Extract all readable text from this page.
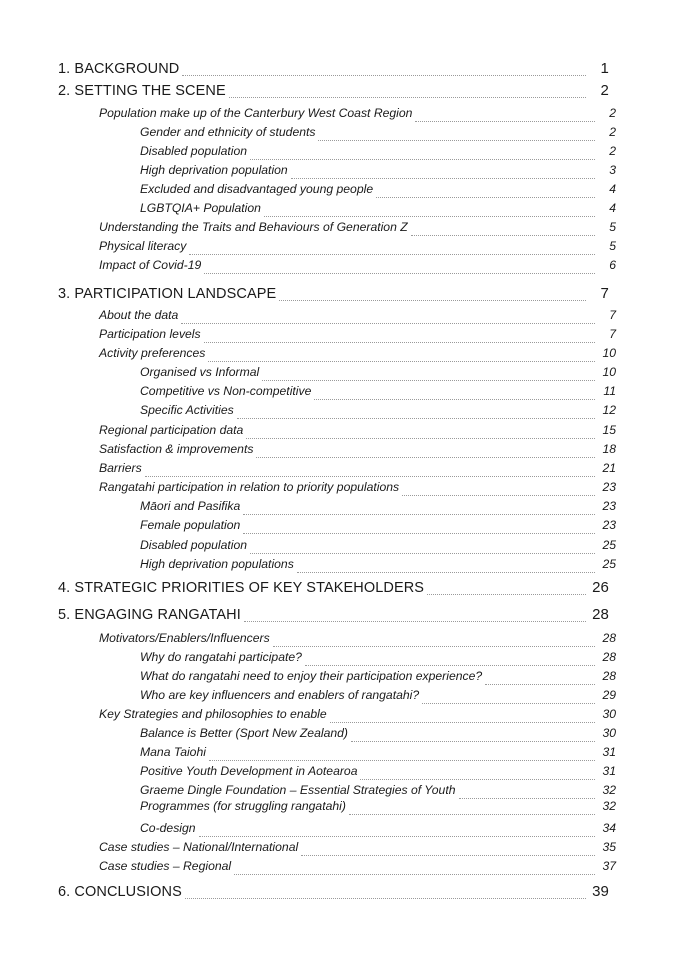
1. BACKGROUND	1
2. SETTING THE SCENE	2
Population make up of the Canterbury West Coast Region	2
Gender and ethnicity of students	2
Disabled population	2
High deprivation population	3
Excluded and disadvantaged young people	4
LGBTQIA+ Population	4
Understanding the Traits and Behaviours of Generation Z	5
Physical literacy	5
Impact of Covid-19	6
3. PARTICIPATION LANDSCAPE	7
About the data	7
Participation levels	7
Activity preferences	10
Organised vs Informal	10
Competitive vs Non-competitive	11
Specific Activities	12
Regional participation data	15
Satisfaction & improvements	18
Barriers	21
Rangatahi participation in relation to priority populations	23
Māori and Pasifika	23
Female population	23
Disabled population	25
High deprivation populations	25
4. STRATEGIC PRIORITIES OF KEY STAKEHOLDERS	26
5. ENGAGING RANGATAHI	28
Motivators/Enablers/Influencers	28
Why do rangatahi participate?	28
What do rangatahi need to enjoy their participation experience?	28
Who are key influencers and enablers of rangatahi?	29
Key Strategies and philosophies to enable	30
Balance is Better (Sport New Zealand)	30
Mana Taiohi	31
Positive Youth Development in Aotearoa	31
Graeme Dingle Foundation – Essential Strategies of Youth	32
Programmes (for struggling rangatahi)	32
Co-design	34
Case studies – National/International	35
Case studies – Regional	37
6. CONCLUSIONS	39
